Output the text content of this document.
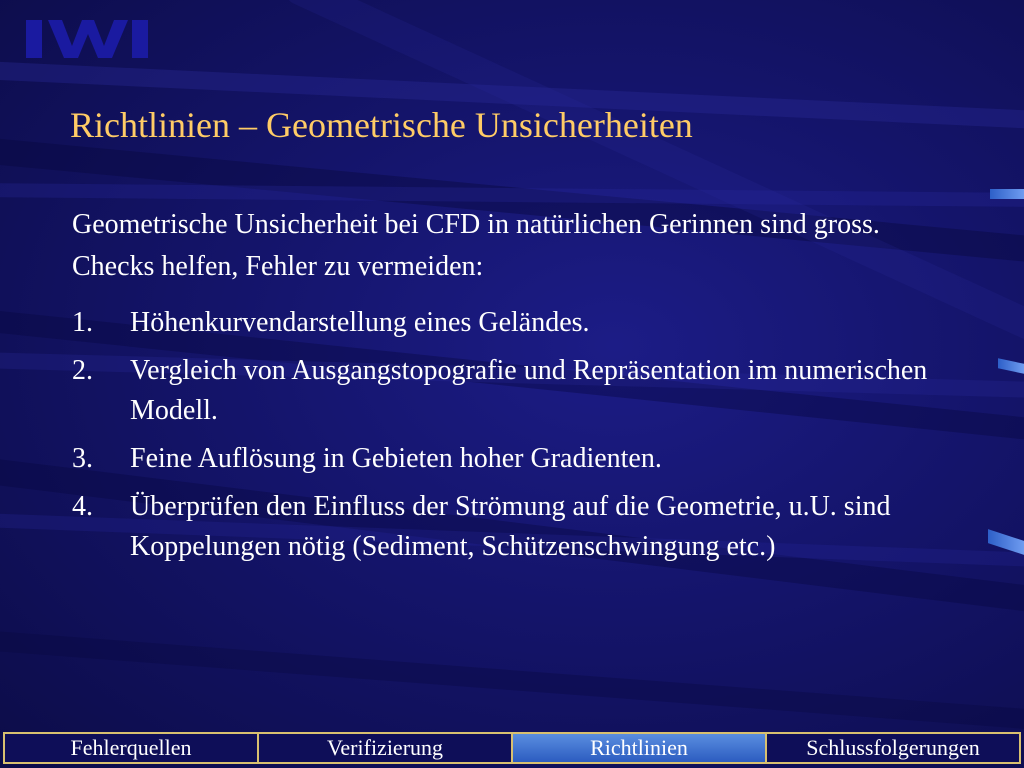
Richtlinien – Geometrische Unsicherheiten

Geometrische Unsicherheit bei CFD in natürlichen Gerinnen sind gross. Checks helfen, Fehler zu vermeiden:

1.	Höhenkurvendarstellung eines Geländes.
2.	Vergleich von Ausgangstopografie und Repräsentation im numerischen Modell.
3.	Feine Auflösung in Gebieten hoher Gradienten.
4.	Überprüfen den Einfluss der Strömung auf die Geometrie, u.U. sind Koppelungen nötig (Sediment, Schützenschwingung etc.)
Fehlerquellen	Verifizierung	Richtlinien	Schlussfolgerungen
